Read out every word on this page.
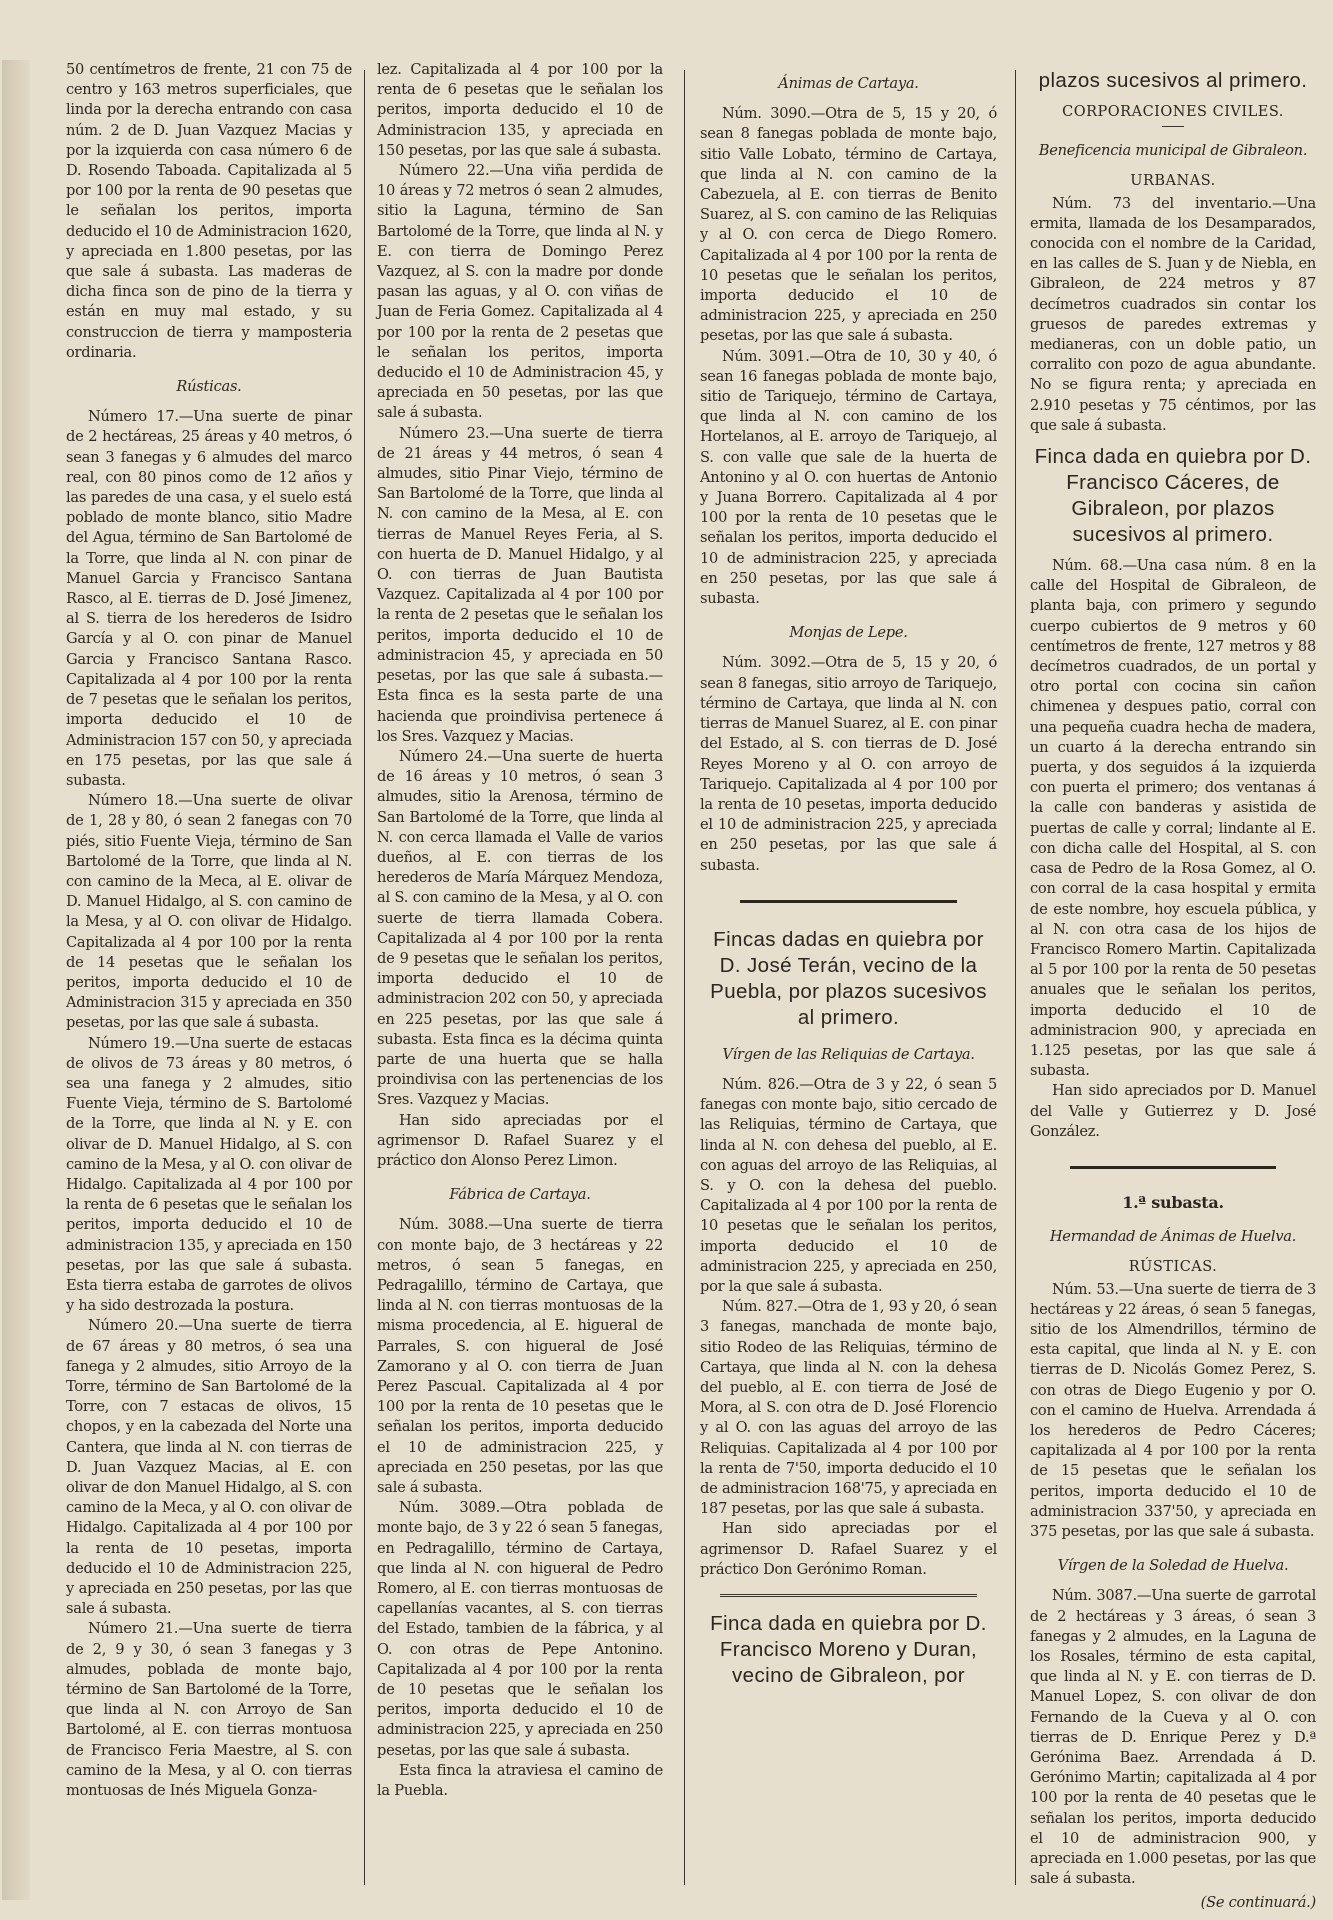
50 centímetros de frente, 21 con 75 de centro y 163 metros superficiales, que linda por la derecha entrando con casa núm. 2 de D. Juan Vazquez Macias y por la izquierda con casa número 6 de D. Rosendo Taboada. Capitalizada al 5 por 100 por la renta de 90 pesetas que le señalan los peritos, importa deducido el 10 de Administracion 1620, y apreciada en 1.800 pesetas, por las que sale á subasta. Las maderas de dicha finca son de pino de la tierra y están en muy mal estado, y su construccion de tierra y mamposteria ordinaria.

Rústicas.

Número 17.—Una suerte de pinar de 2 hectáreas, 25 áreas y 40 metros, ó sean 3 fanegas y 6 almudes del marco real, con 80 pinos como de 12 años y las paredes de una casa, y el suelo está poblado de monte blanco, sitio Madre del Agua, término de San Bartolomé de la Torre, que linda al N. con pinar de Manuel Garcia y Francisco Santana Rasco, al E. tierras de D. José Jimenez, al S. tierra de los herederos de Isidro García y al O. con pinar de Manuel Garcia y Francisco Santana Rasco. Capitalizada al 4 por 100 por la renta de 7 pesetas que le señalan los peritos, importa deducido el 10 de Administracion 157 con 50, y apreciada en 175 pesetas, por las que sale á subasta.

Número 18.—Una suerte de olivar de 1, 28 y 80, ó sean 2 fanegas con 70 piés, sitio Fuente Vieja, término de San Bartolomé de la Torre, que linda al N. con camino de la Meca, al E. olivar de D. Manuel Hidalgo, al S. con camino de la Mesa, y al O. con olivar de Hidalgo. Capitalizada al 4 por 100 por la renta de 14 pesetas que le señalan los peritos, importa deducido el 10 de Administracion 315 y apreciada en 350 pesetas, por las que sale á subasta.

Número 19.—Una suerte de estacas de olivos de 73 áreas y 80 metros, ó sea una fanega y 2 almudes, sitio Fuente Vieja, término de S. Bartolomé de la Torre, que linda al N. y E. con olivar de D. Manuel Hidalgo, al S. con camino de la Mesa, y al O. con olivar de Hidalgo. Capitalizada al 4 por 100 por la renta de 6 pesetas que le señalan los peritos, importa deducido el 10 de administracion 135, y apreciada en 150 pesetas, por las que sale á subasta. Esta tierra estaba de garrotes de olivos y ha sido destrozada la postura.

Número 20.—Una suerte de tierra de 67 áreas y 80 metros, ó sea una fanega y 2 almudes, sitio Arroyo de la Torre, término de San Bartolomé de la Torre, con 7 estacas de olivos, 15 chopos, y en la cabezada del Norte una Cantera, que linda al N. con tierras de D. Juan Vazquez Macias, al E. con olivar de don Manuel Hidalgo, al S. con camino de la Meca, y al O. con olivar de Hidalgo. Capitalizada al 4 por 100 por la renta de 10 pesetas, importa deducido el 10 de Administracion 225, y apreciada en 250 pesetas, por las que sale á subasta.

Número 21.—Una suerte de tierra de 2, 9 y 30, ó sean 3 fanegas y 3 almudes, poblada de monte bajo, término de San Bartolomé de la Torre, que linda al N. con Arroyo de San Bartolomé, al E. con tierras montuosa de Francisco Feria Maestre, al S. con camino de la Mesa, y al O. con tierras montuosas de Inés Miguela Gonza-

lez. Capitalizada al 4 por 100 por la renta de 6 pesetas que le señalan los peritos, importa deducido el 10 de Administracion 135, y apreciada en 150 pesetas, por las que sale á subasta.

Número 22.—Una viña perdida de 10 áreas y 72 metros ó sean 2 almudes, sitio la Laguna, término de San Bartolomé de la Torre, que linda al N. y E. con tierra de Domingo Perez Vazquez, al S. con la madre por donde pasan las aguas, y al O. con viñas de Juan de Feria Gomez. Capitalizada al 4 por 100 por la renta de 2 pesetas que le señalan los peritos, importa deducido el 10 de Administracion 45, y apreciada en 50 pesetas, por las que sale á subasta.

Número 23.—Una suerte de tierra de 21 áreas y 44 metros, ó sean 4 almudes, sitio Pinar Viejo, término de San Bartolomé de la Torre, que linda al N. con camino de la Mesa, al E. con tierras de Manuel Reyes Feria, al S. con huerta de D. Manuel Hidalgo, y al O. con tierras de Juan Bautista Vazquez. Capitalizada al 4 por 100 por la renta de 2 pesetas que le señalan los peritos, importa deducido el 10 de administracion 45, y apreciada en 50 pesetas, por las que sale á subasta.—Esta finca es la sesta parte de una hacienda que proindivisa pertenece á los Sres. Vazquez y Macias.

Número 24.—Una suerte de huerta de 16 áreas y 10 metros, ó sean 3 almudes, sitio la Arenosa, término de San Bartolomé de la Torre, que linda al N. con cerca llamada el Valle de varios dueños, al E. con tierras de los herederos de María Márquez Mendoza, al S. con camino de la Mesa, y al O. con suerte de tierra llamada Cobera. Capitalizada al 4 por 100 por la renta de 9 pesetas que le señalan los peritos, importa deducido el 10 de administracion 202 con 50, y apreciada en 225 pesetas, por las que sale á subasta. Esta finca es la décima quinta parte de una huerta que se halla proindivisa con las pertenencias de los Sres. Vazquez y Macias.

Han sido apreciadas por el agrimensor D. Rafael Suarez y el práctico don Alonso Perez Limon.

Fábrica de Cartaya.

Núm. 3088.—Una suerte de tierra con monte bajo, de 3 hectáreas y 22 metros, ó sean 5 fanegas, en Pedragalillo, término de Cartaya, que linda al N. con tierras montuosas de la misma procedencia, al E. higueral de Parrales, S. con higueral de José Zamorano y al O. con tierra de Juan Perez Pascual. Capitalizada al 4 por 100 por la renta de 10 pesetas que le señalan los peritos, importa deducido el 10 de administracion 225, y apreciada en 250 pesetas, por las que sale á subasta.

Núm. 3089.—Otra poblada de monte bajo, de 3 y 22 ó sean 5 fanegas, en Pedragalillo, término de Cartaya, que linda al N. con higueral de Pedro Romero, al E. con tierras montuosas de capellanías vacantes, al S. con tierras del Estado, tambien de la fábrica, y al O. con otras de Pepe Antonino. Capitalizada al 4 por 100 por la renta de 10 pesetas que le señalan los peritos, importa deducido el 10 de administracion 225, y apreciada en 250 pesetas, por las que sale á subasta.

Esta finca la atraviesa el camino de la Puebla.

Ánimas de Cartaya.

Núm. 3090.—Otra de 5, 15 y 20, ó sean 8 fanegas poblada de monte bajo, sitio Valle Lobato, término de Cartaya, que linda al N. con camino de la Cabezuela, al E. con tierras de Benito Suarez, al S. con camino de las Reliquias y al O. con cerca de Diego Romero. Capitalizada al 4 por 100 por la renta de 10 pesetas que le señalan los peritos, importa deducido el 10 de administracion 225, y apreciada en 250 pesetas, por las que sale á subasta.

Núm. 3091.—Otra de 10, 30 y 40, ó sean 16 fanegas poblada de monte bajo, sitio de Tariquejo, término de Cartaya, que linda al N. con camino de los Hortelanos, al E. arroyo de Tariquejo, al S. con valle que sale de la huerta de Antonino y al O. con huertas de Antonio y Juana Borrero. Capitalizada al 4 por 100 por la renta de 10 pesetas que le señalan los peritos, importa deducido el 10 de administracion 225, y apreciada en 250 pesetas, por las que sale á subasta.

Monjas de Lepe.

Núm. 3092.—Otra de 5, 15 y 20, ó sean 8 fanegas, sitio arroyo de Tariquejo, término de Cartaya, que linda al N. con tierras de Manuel Suarez, al E. con pinar del Estado, al S. con tierras de D. José Reyes Moreno y al O. con arroyo de Tariquejo. Capitalizada al 4 por 100 por la renta de 10 pesetas, importa deducido el 10 de administracion 225, y apreciada en 250 pesetas, por las que sale á subasta.

Fincas dadas en quiebra por D. José Terán, vecino de la Puebla, por plazos sucesivos al primero.

Vírgen de las Reliquias de Cartaya.

Núm. 826.—Otra de 3 y 22, ó sean 5 fanegas con monte bajo, sitio cercado de las Reliquias, término de Cartaya, que linda al N. con dehesa del pueblo, al E. con aguas del arroyo de las Reliquias, al S. y O. con la dehesa del pueblo. Capitalizada al 4 por 100 por la renta de 10 pesetas que le señalan los peritos, importa deducido el 10 de administracion 225, y apreciada en 250, por la que sale á subasta.

Núm. 827.—Otra de 1, 93 y 20, ó sean 3 fanegas, manchada de monte bajo, sitio Rodeo de las Reliquias, término de Cartaya, que linda al N. con la dehesa del pueblo, al E. con tierra de José de Mora, al S. con otra de D. José Florencio y al O. con las aguas del arroyo de las Reliquias. Capitalizada al 4 por 100 por la renta de 7'50, importa deducido el 10 de administracion 168'75, y apreciada en 187 pesetas, por las que sale á subasta.

Han sido apreciadas por el agrimensor D. Rafael Suarez y el práctico Don Gerónimo Roman.

Finca dada en quiebra por D. Francisco Moreno y Duran, vecino de Gibraleon, por

plazos sucesivos al primero.

CORPORACIONES CIVILES.

Beneficencia municipal de Gibraleon.

URBANAS.

Núm. 73 del inventario.—Una ermita, llamada de los Desamparados, conocida con el nombre de la Caridad, en las calles de S. Juan y de Niebla, en Gibraleon, de 224 metros y 87 decímetros cuadrados sin contar los gruesos de paredes extremas y medianeras, con un doble patio, un corralito con pozo de agua abundante. No se figura renta; y apreciada en 2.910 pesetas y 75 céntimos, por las que sale á subasta.

Finca dada en quiebra por D. Francisco Cáceres, de Gibraleon, por plazos sucesivos al primero.

Núm. 68.—Una casa núm. 8 en la calle del Hospital de Gibraleon, de planta baja, con primero y segundo cuerpo cubiertos de 9 metros y 60 centímetros de frente, 127 metros y 88 decímetros cuadrados, de un portal y otro portal con cocina sin cañon chimenea y despues patio, corral con una pequeña cuadra hecha de madera, un cuarto á la derecha entrando sin puerta, y dos seguidos á la izquierda con puerta el primero; dos ventanas á la calle con banderas y asistida de puertas de calle y corral; lindante al E. con dicha calle del Hospital, al S. con casa de Pedro de la Rosa Gomez, al O. con corral de la casa hospital y ermita de este nombre, hoy escuela pública, y al N. con otra casa de los hijos de Francisco Romero Martin. Capitalizada al 5 por 100 por la renta de 50 pesetas anuales que le señalan los peritos, importa deducido el 10 de administracion 900, y apreciada en 1.125 pesetas, por las que sale á subasta.

Han sido apreciados por D. Manuel del Valle y Gutierrez y D. José González.

1.ª subasta.

Hermandad de Ánimas de Huelva.

RÚSTICAS.

Núm. 53.—Una suerte de tierra de 3 hectáreas y 22 áreas, ó sean 5 fanegas, sitio de los Almendrillos, término de esta capital, que linda al N. y E. con tierras de D. Nicolás Gomez Perez, S. con otras de Diego Eugenio y por O. con el camino de Huelva. Arrendada á los herederos de Pedro Cáceres; capitalizada al 4 por 100 por la renta de 15 pesetas que le señalan los peritos, importa deducido el 10 de administracion 337'50, y apreciada en 375 pesetas, por las que sale á subasta.

Vírgen de la Soledad de Huelva.

Núm. 3087.—Una suerte de garrotal de 2 hectáreas y 3 áreas, ó sean 3 fanegas y 2 almudes, en la Laguna de los Rosales, término de esta capital, que linda al N. y E. con tierras de D. Manuel Lopez, S. con olivar de don Fernando de la Cueva y al O. con tierras de D. Enrique Perez y D.ª Gerónima Baez. Arrendada á D. Gerónimo Martin; capitalizada al 4 por 100 por la renta de 40 pesetas que le señalan los peritos, importa deducido el 10 de administracion 900, y apreciada en 1.000 pesetas, por las que sale á subasta.

(Se continuará.)
